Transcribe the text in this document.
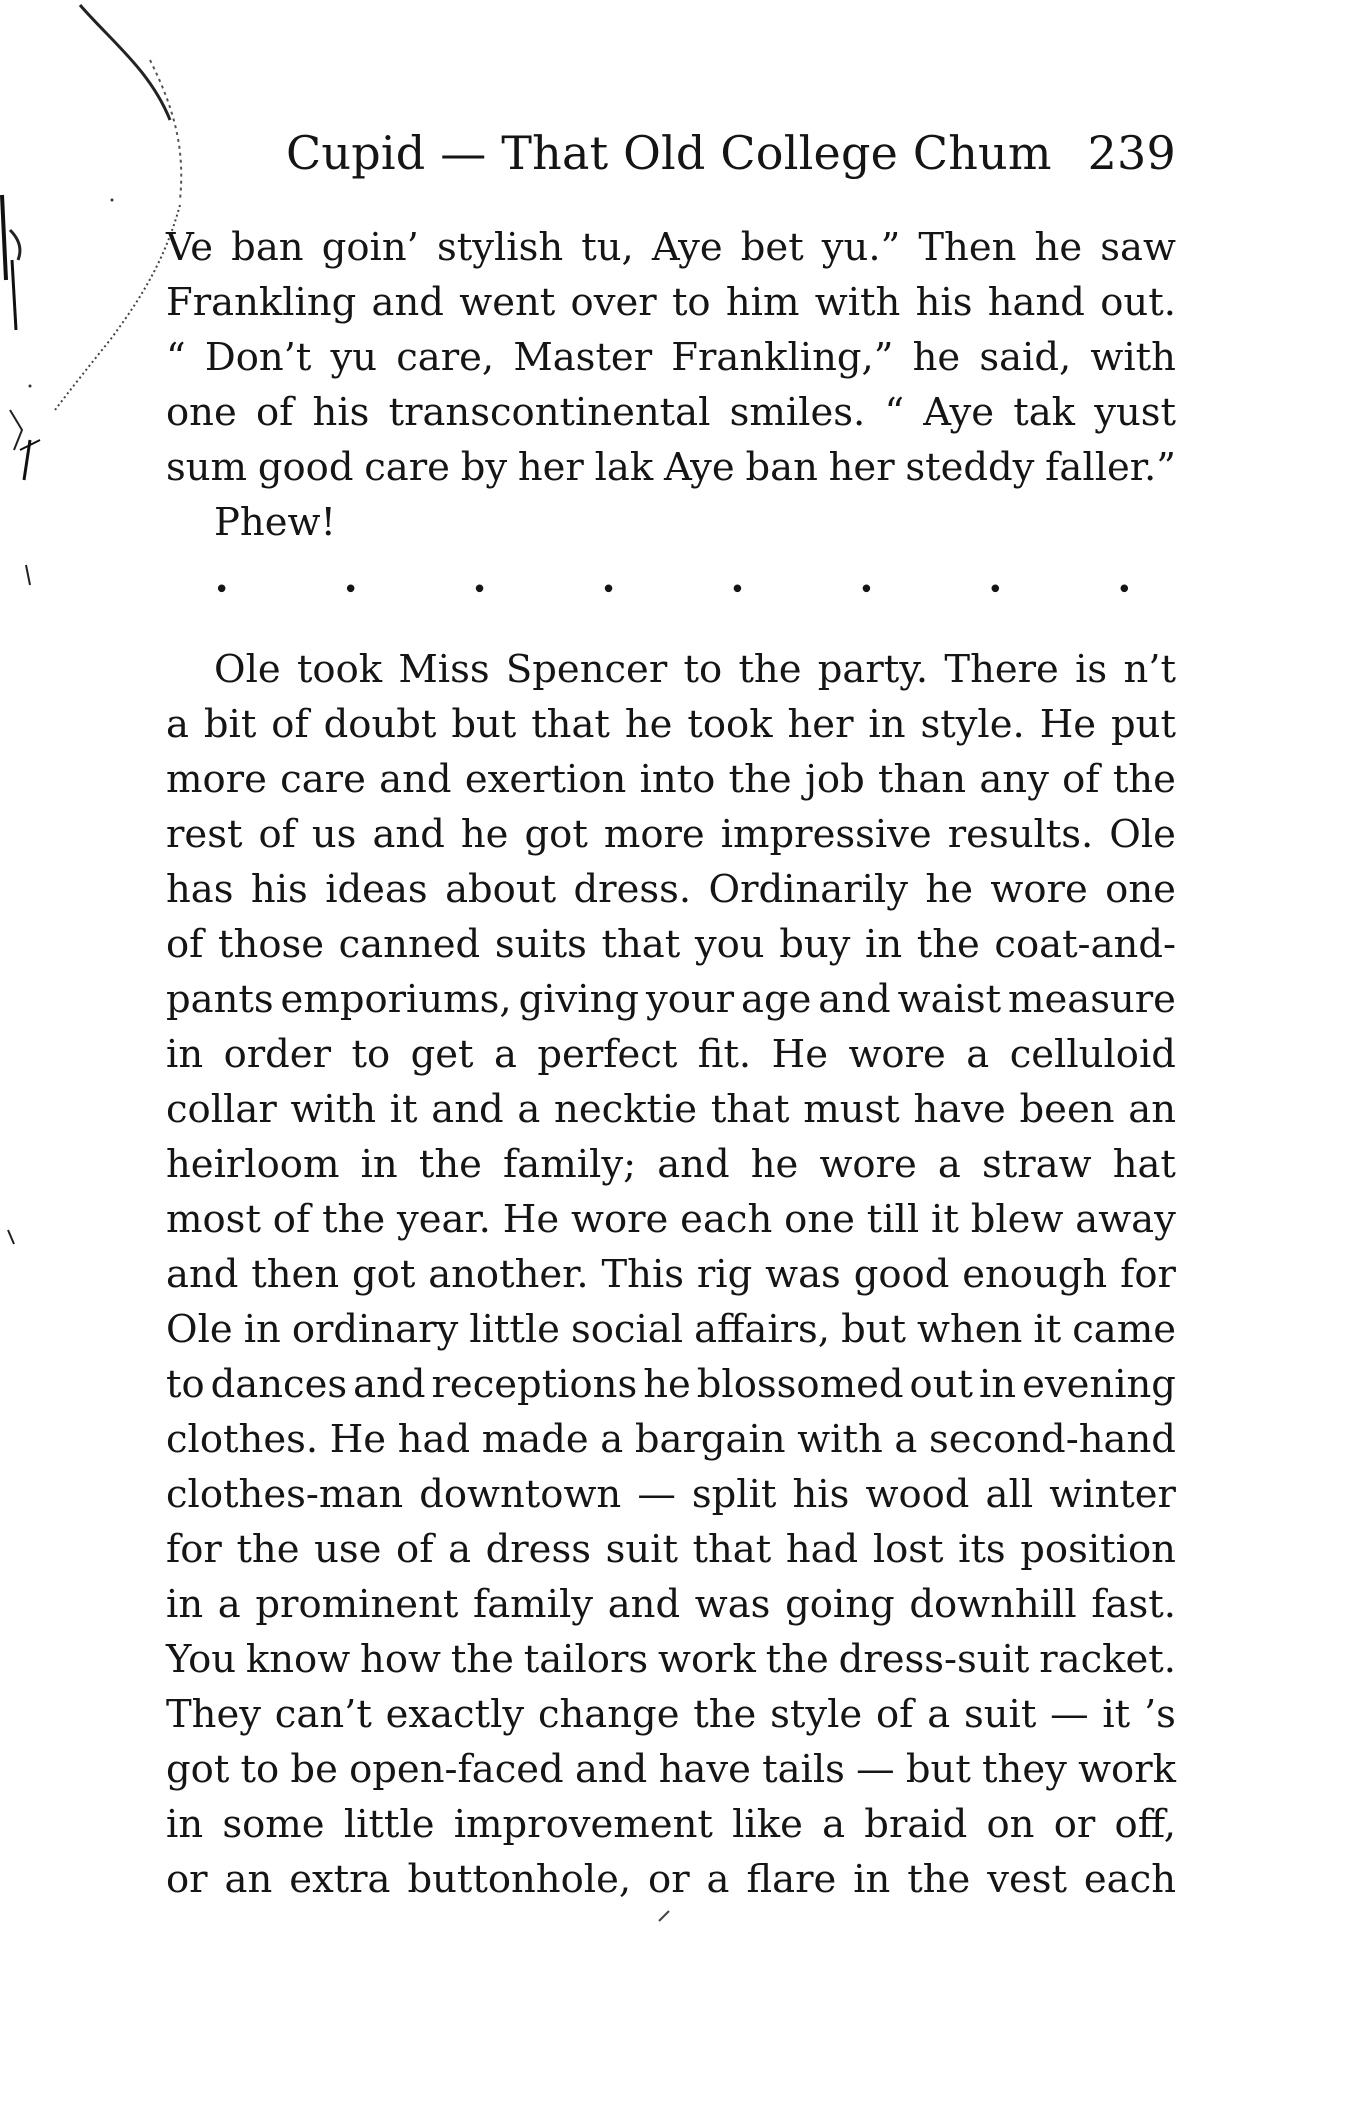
Cupid — That Old College Chum 239
Ve ban goin’ stylish tu, Aye bet yu.” Then he saw
Frankling and went over to him with his hand out.
“ Don’t yu care, Master Frankling,” he said, with
one of his transcontinental smiles. “ Aye tak yust
sum good care by her lak Aye ban her steddy faller.”
Phew!
•	•	•	•	•	•	•	•
Ole took Miss Spencer to the party. There is n’t
a bit of doubt but that he took her in style. He put
more care and exertion into the job than any of the
rest of us and he got more impressive results. Ole
has his ideas about dress. Ordinarily he wore one
of those canned suits that you buy in the coat-and-
pants emporiums, giving your age and waist measure
in order to get a perfect fit. He wore a celluloid
collar with it and a necktie that must have been an
heirloom in the family; and he wore a straw hat
most of the year. He wore each one till it blew away
and then got another. This rig was good enough for
Ole in ordinary little social affairs, but when it came
to dances and receptions he blossomed out in evening
clothes. He had made a bargain with a second-hand
clothes-man downtown — split his wood all winter
for the use of a dress suit that had lost its position
in a prominent family and was going downhill fast.
You know how the tailors work the dress-suit racket.
They can’t exactly change the style of a suit — it ’s
got to be open-faced and have tails — but they work
in some little improvement like a braid on or off,
or an extra buttonhole, or a flare in the vest each
